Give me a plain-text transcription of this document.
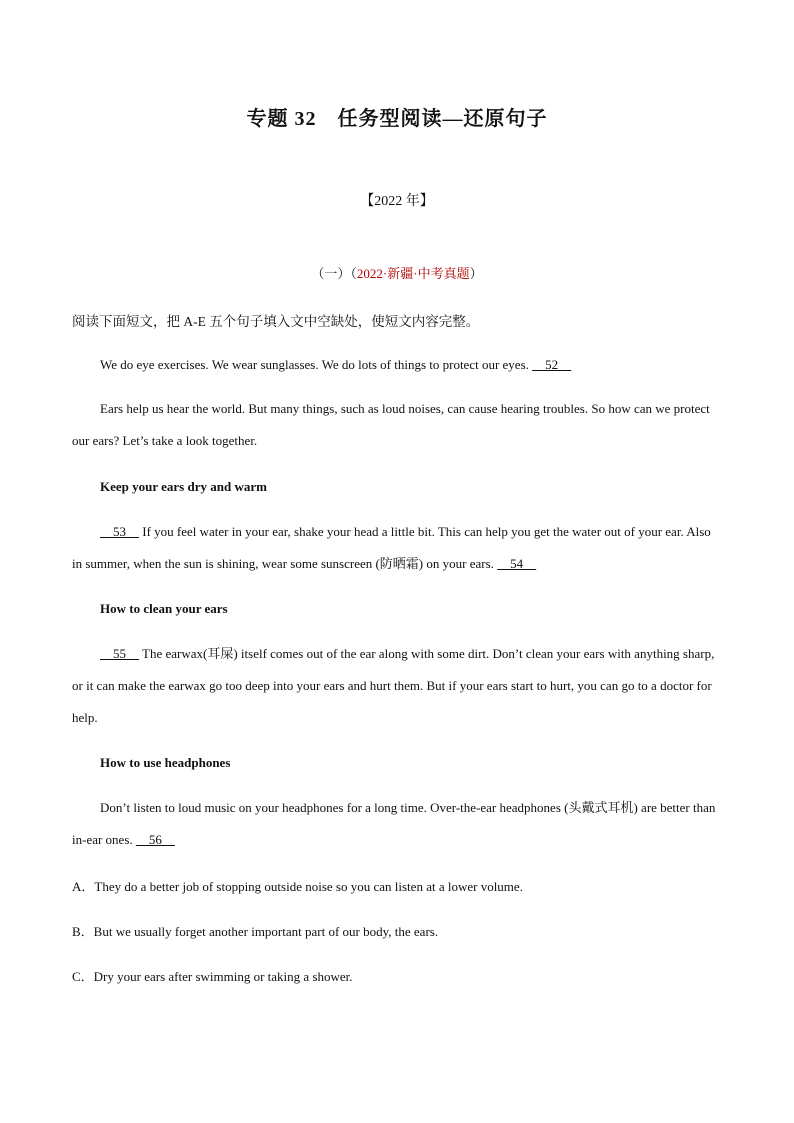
专题 32　任务型阅读—还原句子
【2022 年】
（一）（2022·新疆·中考真题）
阅读下面短文，把 A-E 五个句子填入文中空缺处，使短文内容完整。
We do eye exercises. We wear sunglasses. We do lots of things to protect our eyes.     52
Ears help us hear the world. But many things, such as loud noises, can cause hearing troubles. So how can we protect our ears? Let’s take a look together.
Keep your ears dry and warm
53     If you feel water in your ear, shake your head a little bit. This can help you get the water out of your ear. Also in summer, when the sun is shining, wear some sunscreen (防晒霜) on your ears.     54
How to clean your ears
55     The earwax(耳屎) itself comes out of the ear along with some dirt. Don’t clean your ears with anything sharp, or it can make the earwax go too deep into your ears and hurt them. But if your ears start to hurt, you can go to a doctor for help.
How to use headphones
Don’t listen to loud music on your headphones for a long time. Over-the-ear headphones (头戴式耳机) are better than in-ear ones.     56
A．They do a better job of stopping outside noise so you can listen at a lower volume.
B．But we usually forget another important part of our body, the ears.
C．Dry your ears after swimming or taking a shower.
